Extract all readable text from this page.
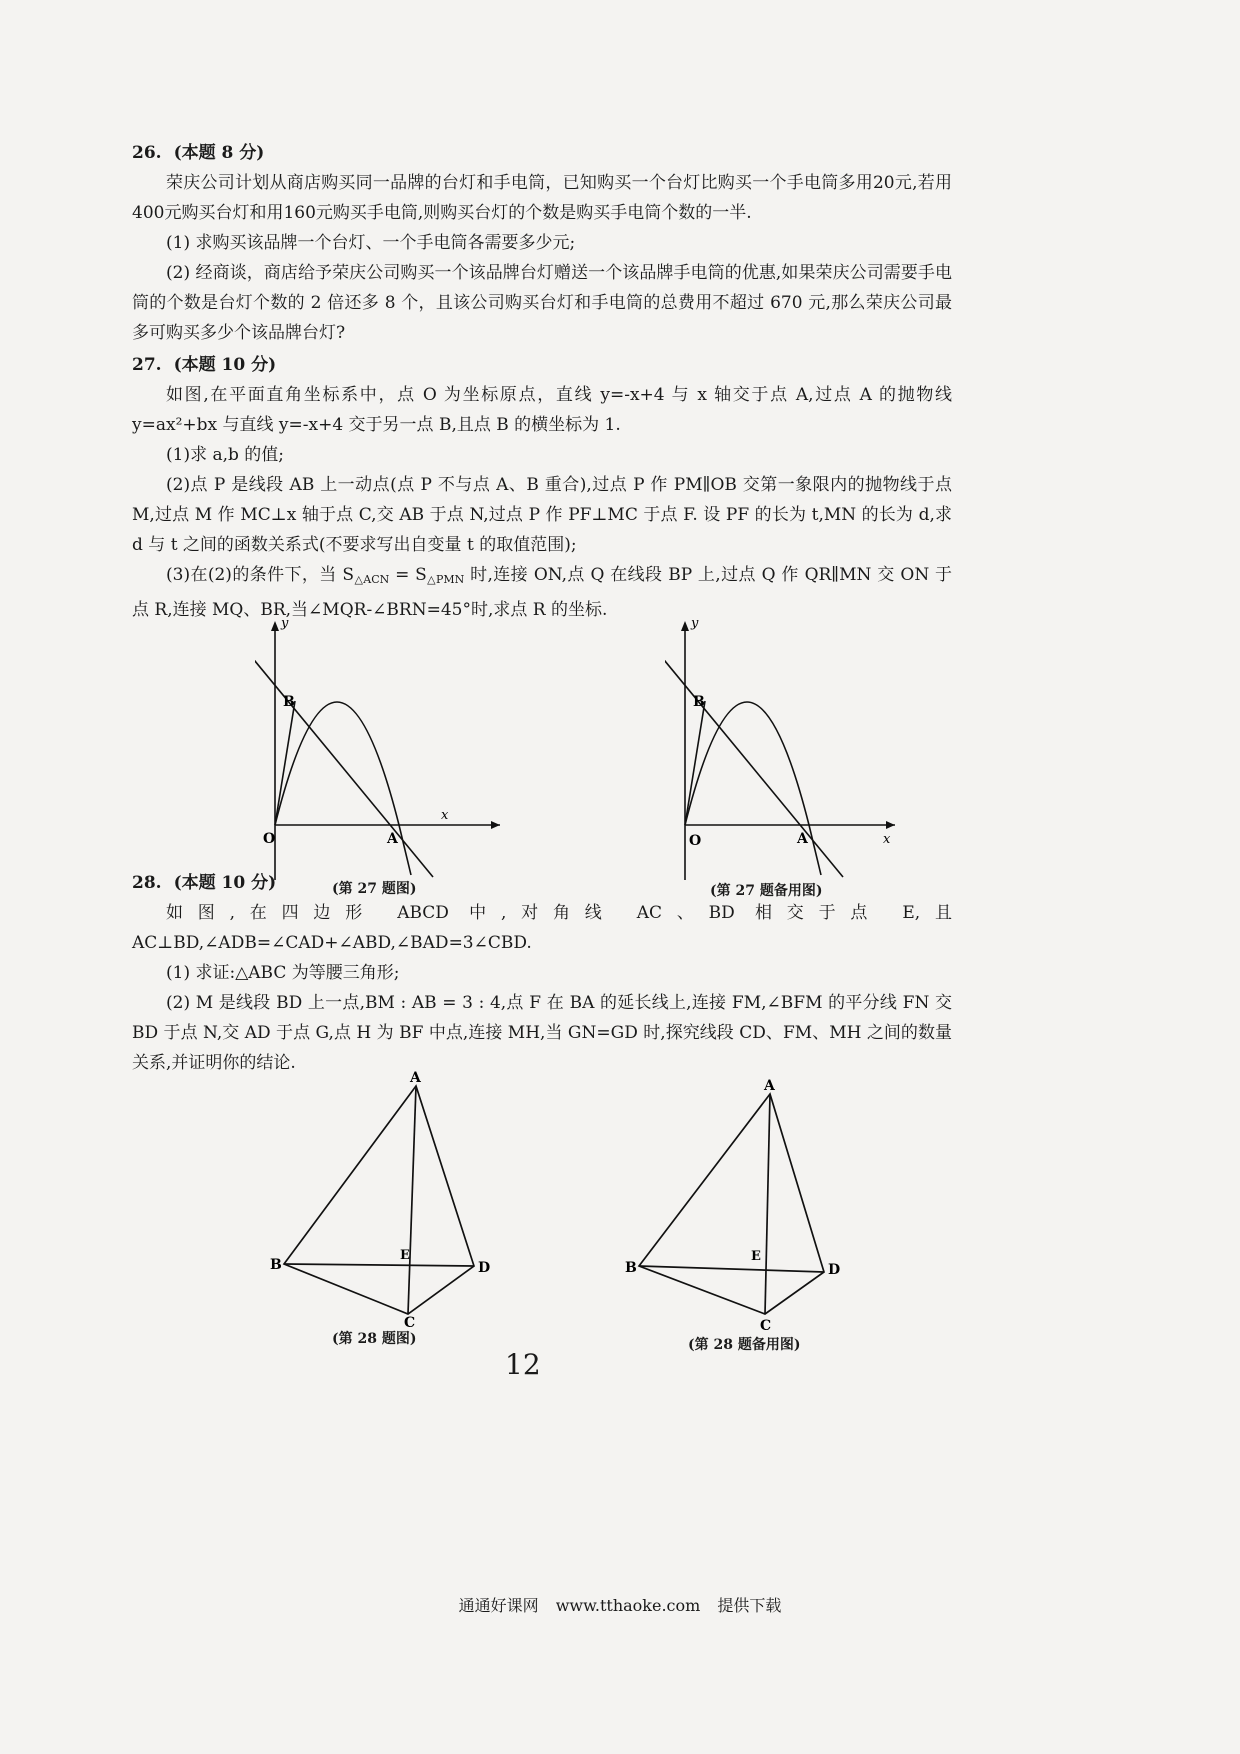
26. (本题 8 分)

荣庆公司计划从商店购买同一品牌的台灯和手电筒，已知购买一个台灯比购买一个手电筒多用20元,若用400元购买台灯和用160元购买手电筒,则购买台灯的个数是购买手电筒个数的一半.

(1) 求购买该品牌一个台灯、一个手电筒各需要多少元;

(2) 经商谈，商店给予荣庆公司购买一个该品牌台灯赠送一个该品牌手电筒的优惠,如果荣庆公司需要手电筒的个数是台灯个数的 2 倍还多 8 个，且该公司购买台灯和手电筒的总费用不超过 670 元,那么荣庆公司最多可购买多少个该品牌台灯?

27. (本题 10 分)

如图,在平面直角坐标系中，点 O 为坐标原点，直线 y=-x+4 与 x 轴交于点 A,过点 A 的抛物线 y=ax²+bx 与直线 y=-x+4 交于另一点 B,且点 B 的横坐标为 1.

(1)求 a,b 的值;

(2)点 P 是线段 AB 上一动点(点 P 不与点 A、B 重合),过点 P 作 PM∥OB 交第一象限内的抛物线于点 M,过点 M 作 MC⊥x 轴于点 C,交 AB 于点 N,过点 P 作 PF⊥MC 于点 F. 设 PF 的长为 t,MN 的长为 d,求 d 与 t 之间的函数关系式(不要求写出自变量 t 的取值范围);

(3)在(2)的条件下，当 $S_{\triangle ACN} = S_{\triangle PMN}$ 时,连接 ON,点 Q 在线段 BP 上,过点 Q 作 QR∥MN 交 ON 于点 R,连接 MQ、BR,当∠MQR-∠BRN=45°时,求点 R 的坐标.

y
x
O	A
B
(第 27 题图)
y
x
O	A
B
(第 27 题备用图)

28. (本题 10 分)

如图,在四边形 ABCD 中,对角线 AC、BD 相交于点 E,且 AC⊥BD,∠ADB=∠CAD+∠ABD,∠BAD=3∠CBD.

(1) 求证:△ABC 为等腰三角形;

(2) M 是线段 BD 上一点,BM : AB = 3 : 4,点 F 在 BA 的延长线上,连接 FM,∠BFM 的平分线 FN 交 BD 于点 N,交 AD 于点 G,点 H 为 BF 中点,连接 MH,当 GN=GD 时,探究线段 CD、FM、MH 之间的数量关系,并证明你的结论.

A
B
C
D
E
(第 28 题图)
A
B
C
D
E
(第 28 题备用图)
12
通通好课网 www.tthaoke.com 提供下载
